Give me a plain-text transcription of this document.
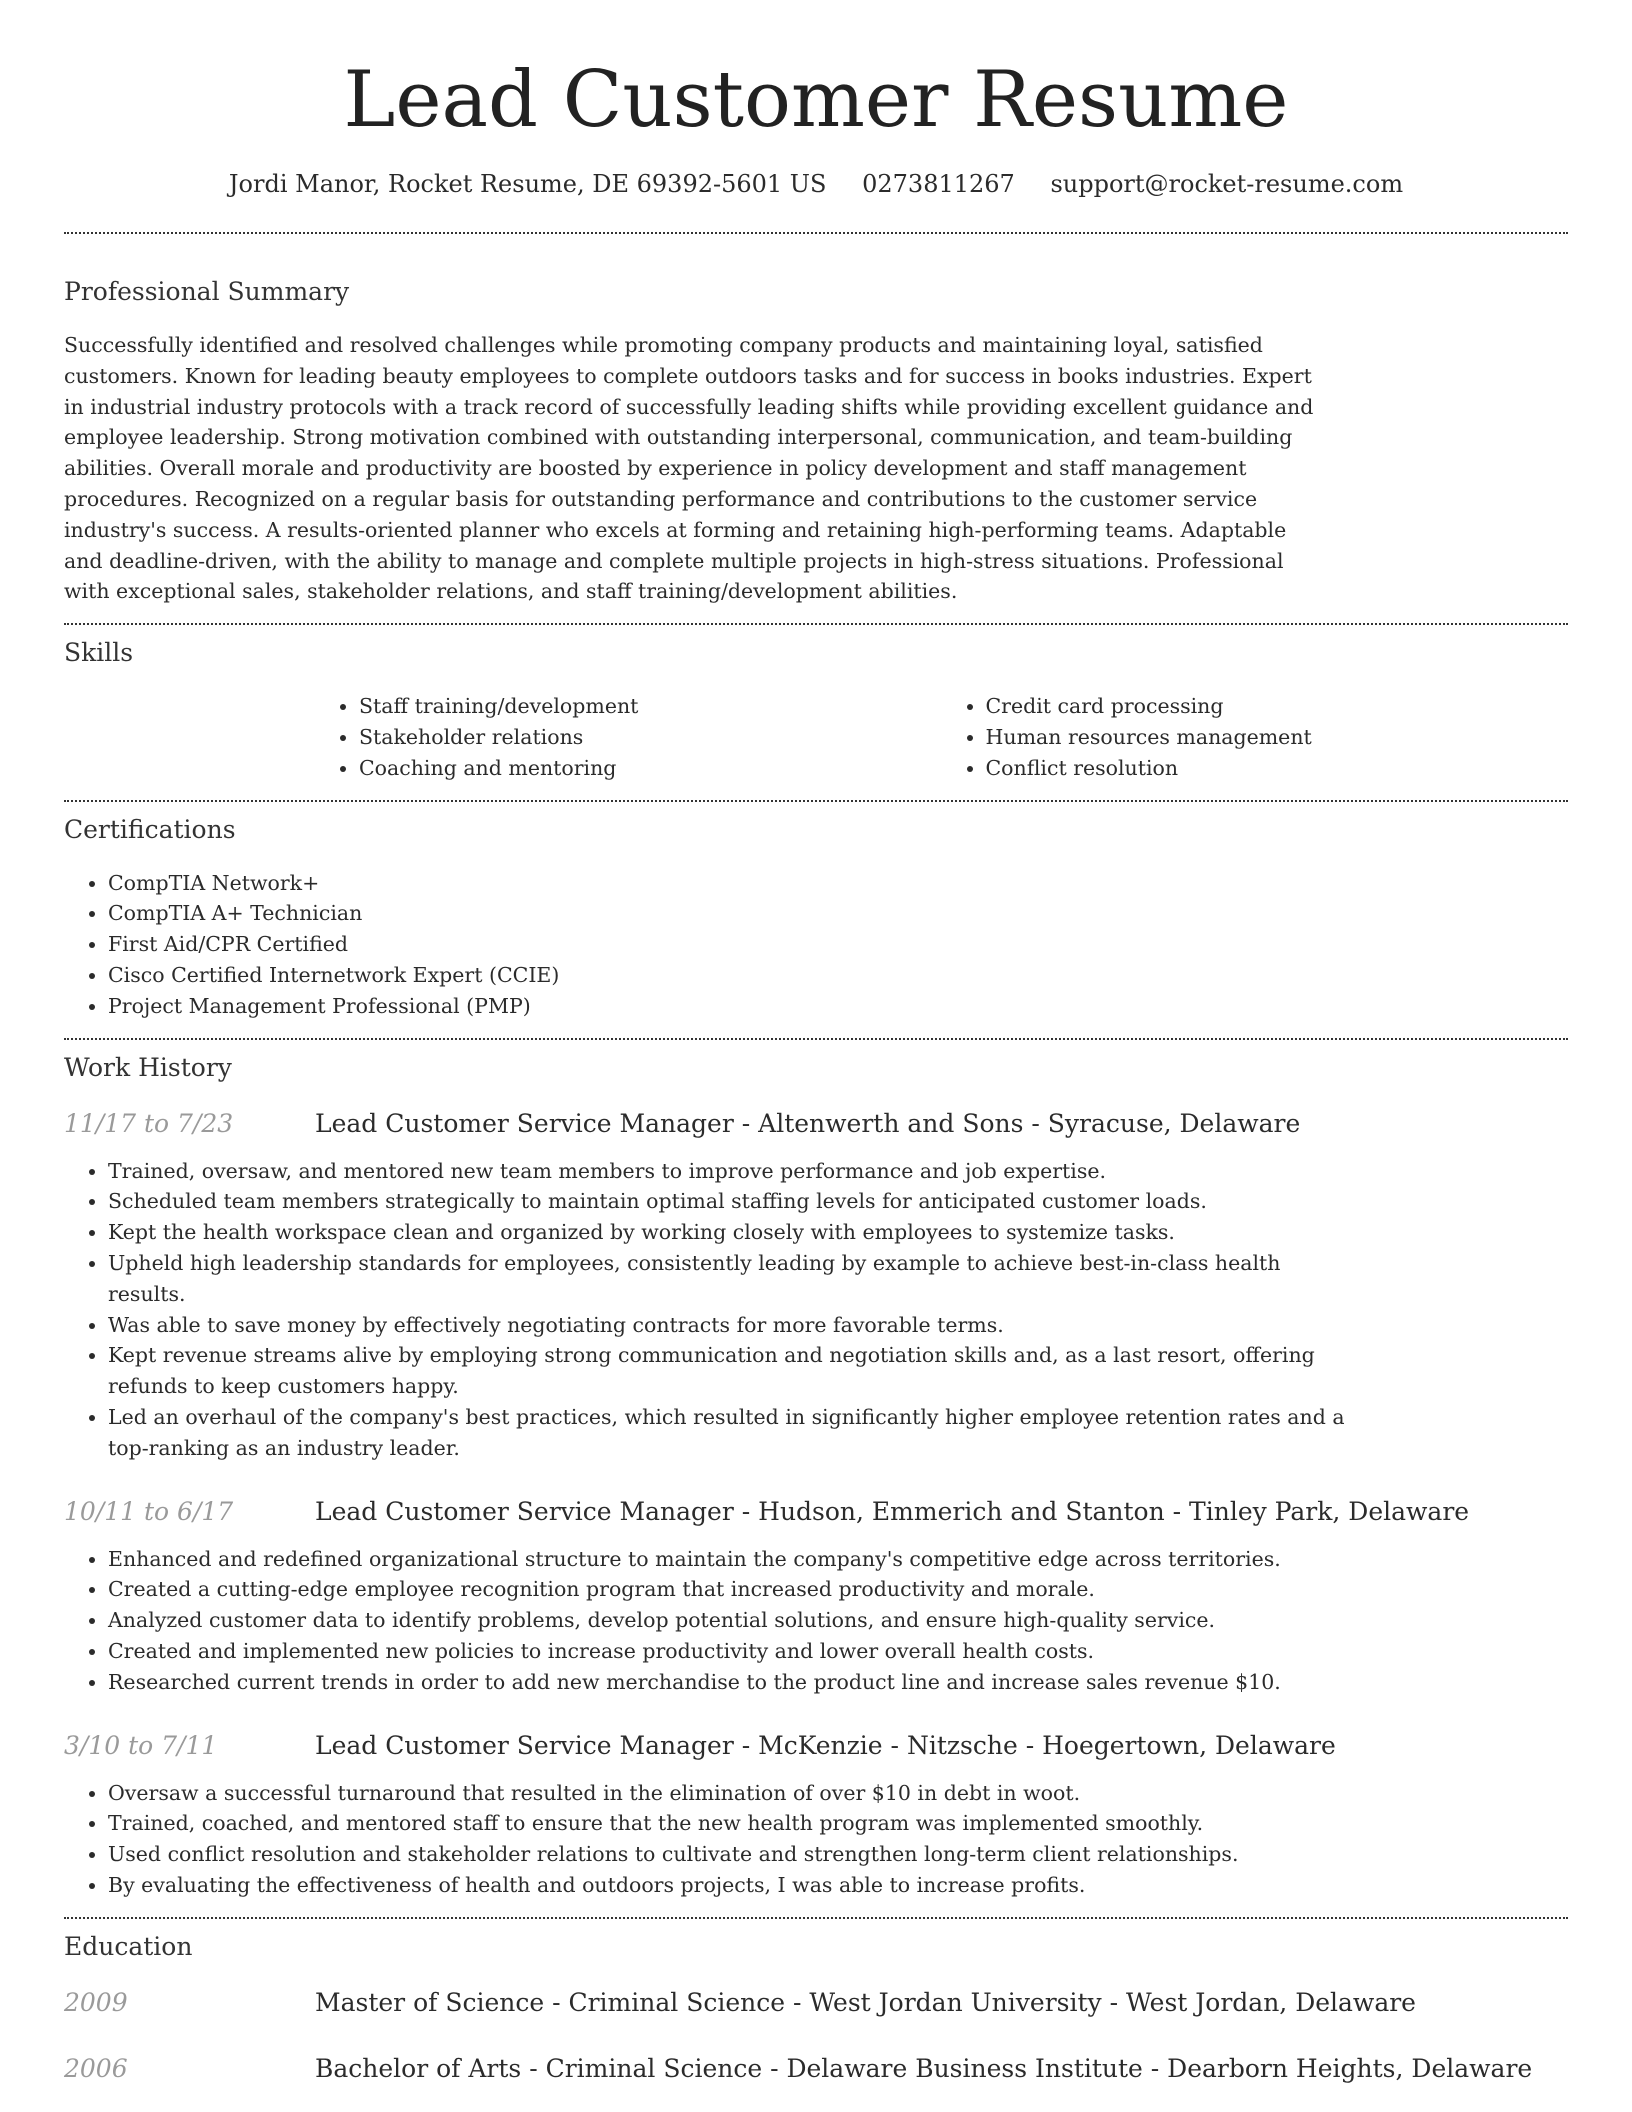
Lead Customer Resume
Jordi Manor, Rocket Resume, DE 69392-5601 US 0273811267 support@rocket-resume.com
Professional Summary

Successfully identified and resolved challenges while promoting company products and maintaining loyal, satisfied customers. Known for leading beauty employees to complete outdoors tasks and for success in books industries. Expert in industrial industry protocols with a track record of successfully leading shifts while providing excellent guidance and employee leadership. Strong motivation combined with outstanding interpersonal, communication, and team-building abilities. Overall morale and productivity are boosted by experience in policy development and staff management procedures. Recognized on a regular basis for outstanding performance and contributions to the customer service industry's success. A results-oriented planner who excels at forming and retaining high-performing teams. Adaptable and deadline-driven, with the ability to manage and complete multiple projects in high-stress situations. Professional with exceptional sales, stakeholder relations, and staff training/development abilities.

Skills
• Staff training/development
• Stakeholder relations
• Coaching and mentoring
• Credit card processing
• Human resources management
• Conflict resolution
Certifications
• CompTIA Network+
• CompTIA A+ Technician
• First Aid/CPR Certified
• Cisco Certified Internetwork Expert (CCIE)
• Project Management Professional (PMP)
Work History
11/17 to 7/23	Lead Customer Service Manager - Altenwerth and Sons - Syracuse, Delaware
• Trained, oversaw, and mentored new team members to improve performance and job expertise.
• Scheduled team members strategically to maintain optimal staffing levels for anticipated customer loads.
• Kept the health workspace clean and organized by working closely with employees to systemize tasks.
• Upheld high leadership standards for employees, consistently leading by example to achieve best-in-class health results.
• Was able to save money by effectively negotiating contracts for more favorable terms.
• Kept revenue streams alive by employing strong communication and negotiation skills and, as a last resort, offering refunds to keep customers happy.
• Led an overhaul of the company's best practices, which resulted in significantly higher employee retention rates and a top-ranking as an industry leader.
10/11 to 6/17	Lead Customer Service Manager - Hudson, Emmerich and Stanton - Tinley Park, Delaware
• Enhanced and redefined organizational structure to maintain the company's competitive edge across territories.
• Created a cutting-edge employee recognition program that increased productivity and morale.
• Analyzed customer data to identify problems, develop potential solutions, and ensure high-quality service.
• Created and implemented new policies to increase productivity and lower overall health costs.
• Researched current trends in order to add new merchandise to the product line and increase sales revenue $10.
3/10 to 7/11	Lead Customer Service Manager - McKenzie - Nitzsche - Hoegertown, Delaware
• Oversaw a successful turnaround that resulted in the elimination of over $10 in debt in woot.
• Trained, coached, and mentored staff to ensure that the new health program was implemented smoothly.
• Used conflict resolution and stakeholder relations to cultivate and strengthen long-term client relationships.
• By evaluating the effectiveness of health and outdoors projects, I was able to increase profits.
Education
2009	Master of Science - Criminal Science - West Jordan University - West Jordan, Delaware
2006	Bachelor of Arts - Criminal Science - Delaware Business Institute - Dearborn Heights, Delaware
